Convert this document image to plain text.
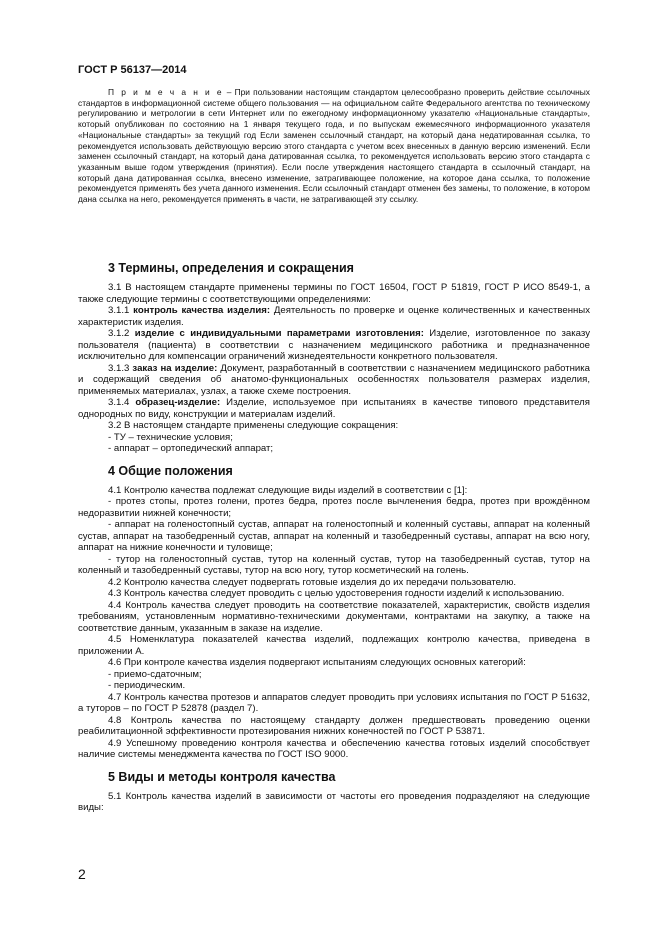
ГОСТ Р 56137—2014

П р и м е ч а н и е – При пользовании настоящим стандартом целесообразно проверить действие ссылочных стандартов в информационной системе общего пользования — на официальном сайте Федерального агентства по техническому регулированию и метрологии в сети Интернет или по ежегодному информационному указателю «Национальные стандарты», который опубликован по состоянию на 1 января текущего года, и по выпускам ежемесячного информационного указателя «Национальные стандарты» за текущий год Если заменен ссылочный стандарт, на который дана недатированная ссылка, то рекомендуется использовать действующую версию этого стандарта с учетом всех внесенных в данную версию изменений. Если заменен ссылочный стандарт, на который дана датированная ссылка, то рекомендуется использовать версию этого стандарта с указанным выше годом утверждения (принятия). Если после утверждения настоящего стандарта в ссылочный стандарт, на который дана датированная ссылка, внесено изменение, затрагивающее положение, на которое дана ссылка, то положение рекомендуется применять без учета данного изменения. Если ссылочный стандарт отменен без замены, то положение, в котором дана ссылка на него, рекомендуется применять в части, не затрагивающей эту ссылку.

3 Термины, определения и сокращения

3.1 В настоящем стандарте применены термины по ГОСТ 16504, ГОСТ Р 51819, ГОСТ Р ИСО 8549-1, а также следующие термины с соответствующими определениями:

3.1.1 контроль качества изделия: Деятельность по проверке и оценке количественных и качественных характеристик изделия.

3.1.2 изделие с индивидуальными параметрами изготовления: Изделие, изготовленное по заказу пользователя (пациента) в соответствии с назначением медицинского работника и предназначенное исключительно для компенсации ограничений жизнедеятельности конкретного пользователя.

3.1.3 заказ на изделие: Документ, разработанный в соответствии с назначением медицинского работника и содержащий сведения об анатомо-функциональных особенностях пользователя размерах изделия, применяемых материалах, узлах, а также схеме построения.

3.1.4 образец-изделие: Изделие, используемое при испытаниях в качестве типового представителя однородных по виду, конструкции и материалам изделий.

3.2 В настоящем стандарте применены следующие сокращения:

- ТУ – технические условия;

- аппарат – ортопедический аппарат;

4 Общие положения

4.1 Контролю качества подлежат следующие виды изделий в соответствии с [1]:

- протез стопы, протез голени, протез бедра, протез после вычленения бедра, протез при врождённом недоразвитии нижней конечности;

- аппарат на голеностопный сустав, аппарат на голеностопный и коленный суставы, аппарат на коленный сустав, аппарат на тазобедренный сустав, аппарат на коленный и тазобедренный суставы, аппарат на всю ногу, аппарат на нижние конечности и туловище;

- тутор на голеностопный сустав, тутор на коленный сустав, тутор на тазобедренный сустав, тутор на коленный и тазобедренный суставы, тутор на всю ногу, тутор косметический на голень.

4.2 Контролю качества следует подвергать готовые изделия до их передачи пользователю.

4.3 Контроль качества следует проводить с целью удостоверения годности изделий к использованию.

4.4 Контроль качества следует проводить на соответствие показателей, характеристик, свойств изделия требованиям, установленным нормативно-техническими документами, контрактами на закупку, а также на соответствие данным, указанным в заказе на изделие.

4.5 Номенклатура показателей качества изделий, подлежащих контролю качества, приведена в приложении А.

4.6 При контроле качества изделия подвергают испытаниям следующих основных категорий:

- приемо-сдаточным;

- периодическим.

4.7 Контроль качества протезов и аппаратов следует проводить при условиях испытания по ГОСТ Р 51632, а туторов – по ГОСТ Р 52878 (раздел 7).

4.8 Контроль качества по настоящему стандарту должен предшествовать проведению оценки реабилитационной эффективности протезирования нижних конечностей по ГОСТ Р 53871.

4.9 Успешному проведению контроля качества и обеспечению качества готовых изделий способствует наличие системы менеджмента качества по ГОСТ ISO 9000.

5 Виды и методы контроля качества

5.1 Контроль качества изделий в зависимости от частоты его проведения подразделяют на следующие виды:

2
